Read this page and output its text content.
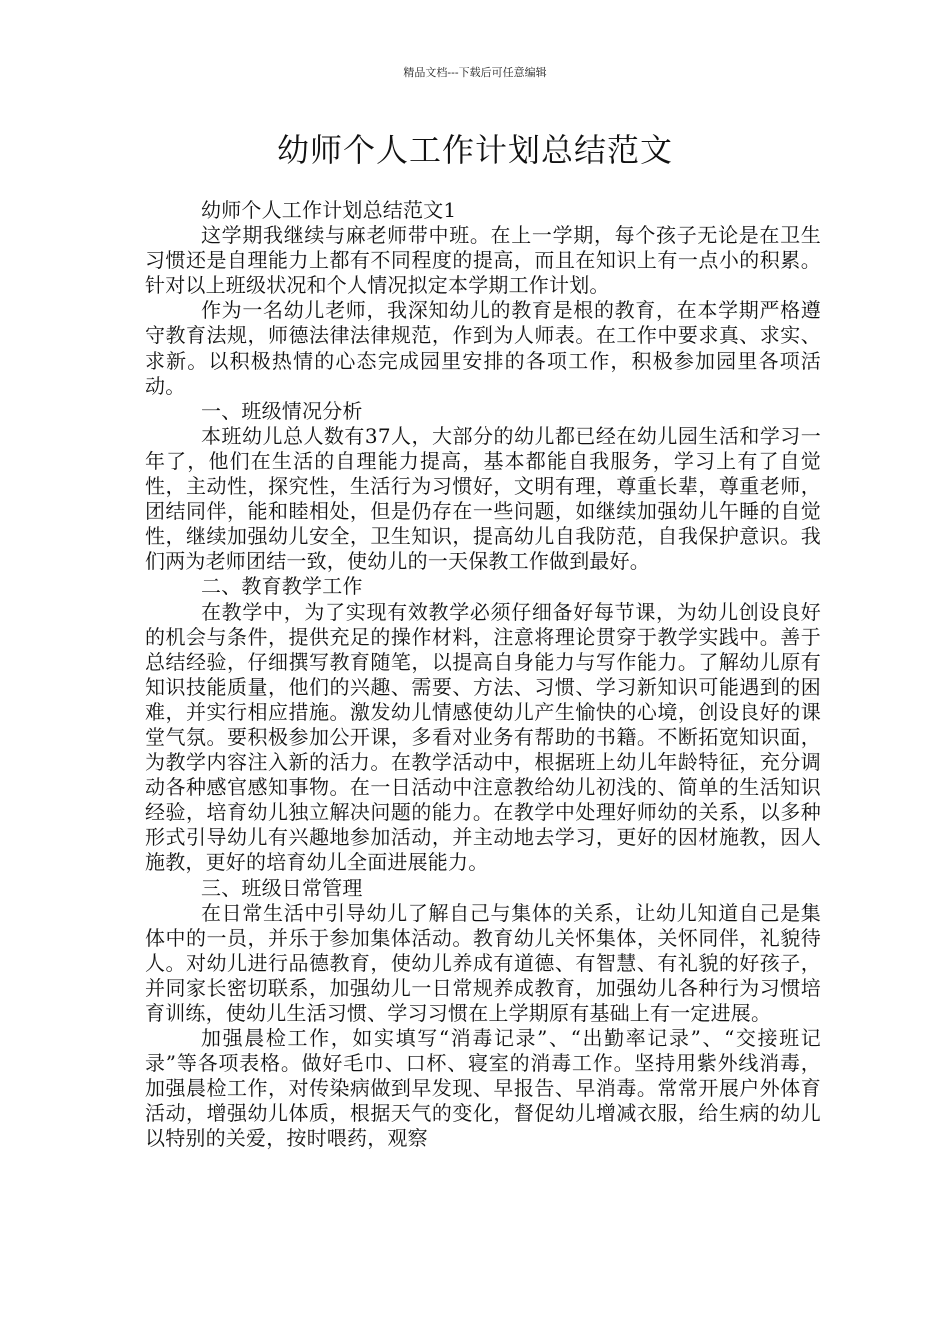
精品文档---下载后可任意编辑
幼师个人工作计划总结范文

幼师个人工作计划总结范文1

这学期我继续与麻老师带中班。在上一学期，每个孩子无论是在卫生习惯还是自理能力上都有不同程度的提高，而且在知识上有一点小的积累。针对以上班级状况和个人情况拟定本学期工作计划。

作为一名幼儿老师，我深知幼儿的教育是根的教育，在本学期严格遵守教育法规，师德法律法律规范，作到为人师表。在工作中要求真、求实、求新。以积极热情的心态完成园里安排的各项工作，积极参加园里各项活动。

一、班级情况分析

本班幼儿总人数有37人，大部分的幼儿都已经在幼儿园生活和学习一年了，他们在生活的自理能力提高，基本都能自我服务，学习上有了自觉性，主动性，探究性，生活行为习惯好，文明有理，尊重长辈，尊重老师，团结同伴，能和睦相处，但是仍存在一些问题，如继续加强幼儿午睡的自觉性，继续加强幼儿安全，卫生知识，提高幼儿自我防范，自我保护意识。我们两为老师团结一致，使幼儿的一天保教工作做到最好。

二、教育教学工作

在教学中，为了实现有效教学必须仔细备好每节课，为幼儿创设良好的机会与条件，提供充足的操作材料，注意将理论贯穿于教学实践中。善于总结经验，仔细撰写教育随笔，以提高自身能力与写作能力。了解幼儿原有知识技能质量，他们的兴趣、需要、方法、习惯、学习新知识可能遇到的困难，并实行相应措施。激发幼儿情感使幼儿产生愉快的心境，创设良好的课堂气氛。要积极参加公开课，多看对业务有帮助的书籍。不断拓宽知识面，为教学内容注入新的活力。在教学活动中，根据班上幼儿年龄特征，充分调动各种感官感知事物。在一日活动中注意教给幼儿初浅的、简单的生活知识经验，培育幼儿独立解决问题的能力。在教学中处理好师幼的关系，以多种形式引导幼儿有兴趣地参加活动，并主动地去学习，更好的因材施教，因人施教，更好的培育幼儿全面进展能力。

三、班级日常管理

在日常生活中引导幼儿了解自己与集体的关系，让幼儿知道自己是集体中的一员，并乐于参加集体活动。教育幼儿关怀集体，关怀同伴，礼貌待人。对幼儿进行品德教育，使幼儿养成有道德、有智慧、有礼貌的好孩子，并同家长密切联系，加强幼儿一日常规养成教育，加强幼儿各种行为习惯培育训练，使幼儿生活习惯、学习习惯在上学期原有基础上有一定进展。

加强晨检工作，如实填写“消毒记录”、“出勤率记录”、“交接班记录”等各项表格。做好毛巾、口杯、寝室的消毒工作。坚持用紫外线消毒，加强晨检工作，对传染病做到早发现、早报告、早消毒。常常开展户外体育活动，增强幼儿体质，根据天气的变化，督促幼儿增减衣服，给生病的幼儿以特别的关爱，按时喂药，观察
